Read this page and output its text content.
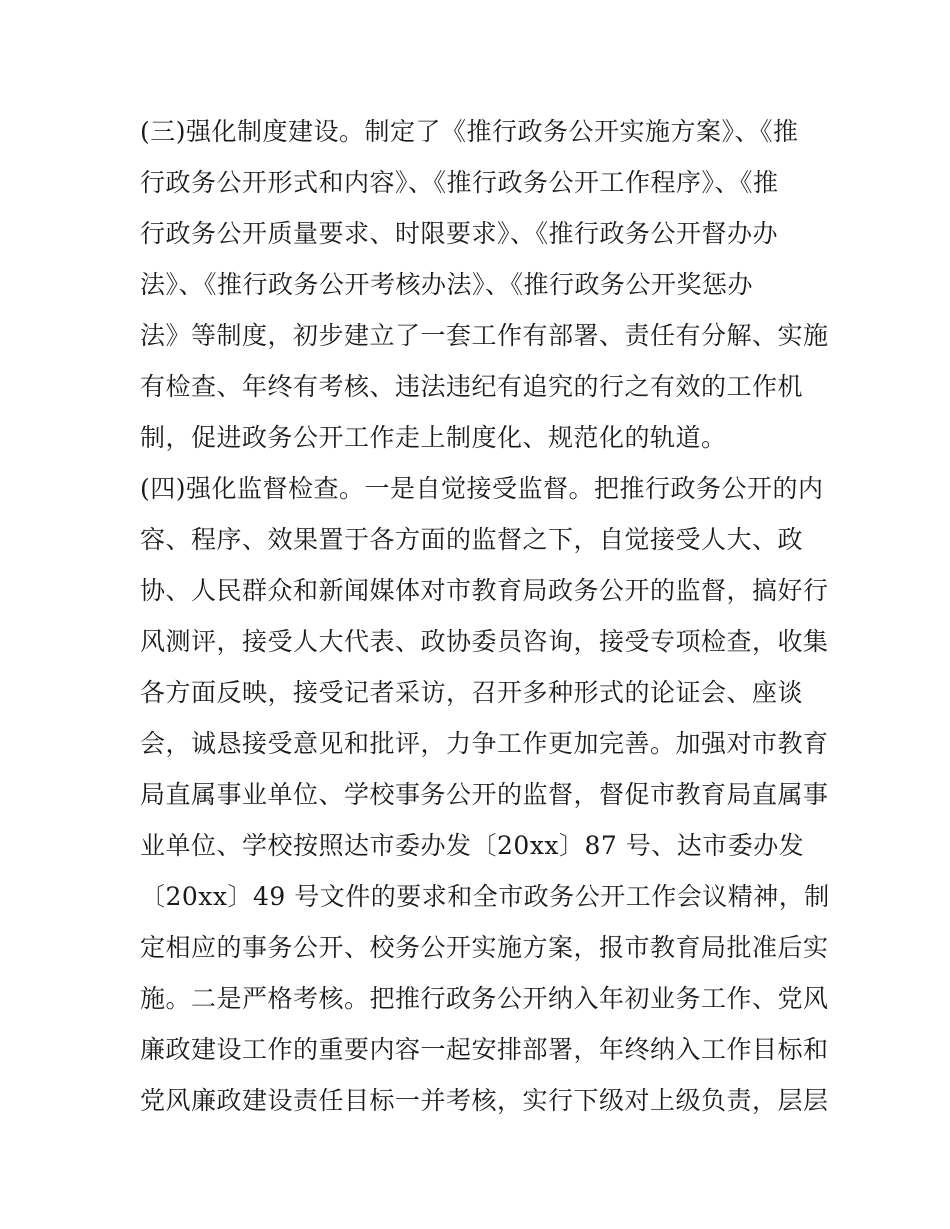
(三)强化制度建设。制定了《推行政务公开实施方案》、《推
行政务公开形式和内容》、《推行政务公开工作程序》、《推
行政务公开质量要求、时限要求》、《推行政务公开督办办
法》、《推行政务公开考核办法》、《推行政务公开奖惩办
法》等制度，初步建立了一套工作有部署、责任有分解、实施
有检查、年终有考核、违法违纪有追究的行之有效的工作机
制，促进政务公开工作走上制度化、规范化的轨道。
(四)强化监督检查。一是自觉接受监督。把推行政务公开的内
容、程序、效果置于各方面的监督之下，自觉接受人大、政
协、人民群众和新闻媒体对市教育局政务公开的监督，搞好行
风测评，接受人大代表、政协委员咨询，接受专项检查，收集
各方面反映，接受记者采访，召开多种形式的论证会、座谈
会，诚恳接受意见和批评，力争工作更加完善。加强对市教育
局直属事业单位、学校事务公开的监督，督促市教育局直属事
业单位、学校按照达市委办发〔20xx〕87 号、达市委办发
〔20xx〕49 号文件的要求和全市政务公开工作会议精神，制
定相应的事务公开、校务公开实施方案，报市教育局批准后实
施。二是严格考核。把推行政务公开纳入年初业务工作、党风
廉政建设工作的重要内容一起安排部署，年终纳入工作目标和
党风廉政建设责任目标一并考核，实行下级对上级负责，层层
